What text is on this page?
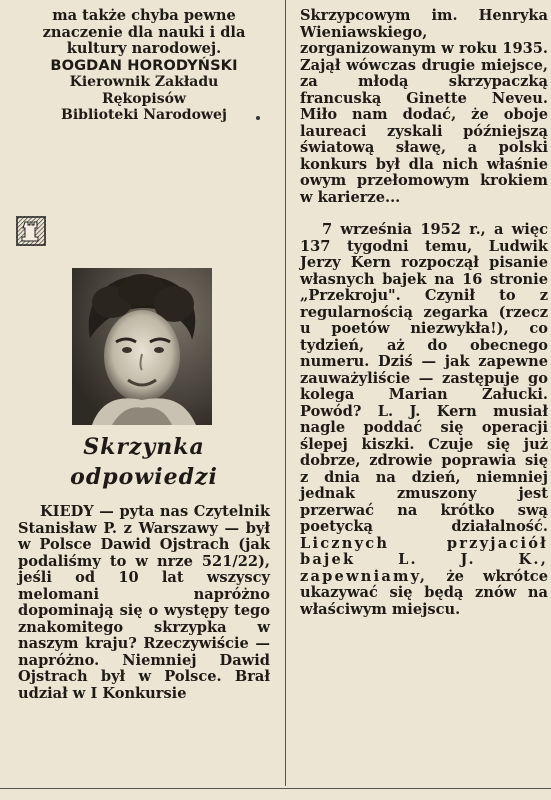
ma także chyba pewne znaczenie dla nauki i dla kultury narodowej.

BOGDAN HORODYŃSKI

Kierownik Zakładu

Rękopisów

Biblioteki Narodowej

Skrzynka
odpowiedzi

KIEDY — pyta nas Czytelnik Stanisław P. z Warszawy — był w Polsce Dawid Ojstrach (jak podaliśmy to w nrze 521/22), jeśli od 10 lat wszyscy melomani napróżno dopominają się o występy tego znakomitego skrzypka w naszym kraju? Rzeczywiście — napróżno. Niemniej Dawid Ojstrach był w Polsce. Brał udział w I Konkursie

Skrzypcowym im. Henryka Wieniawskiego, zorganizowanym w roku 1935. Zajął wówczas drugie miejsce, za młodą skrzypaczką francuską Ginette Neveu. Miło nam dodać, że oboje laureaci zyskali późniejszą światową sławę, a polski konkurs był dla nich właśnie owym przełomowym krokiem w karierze...

7 września 1952 r., a więc 137 tygodni temu, Ludwik Jerzy Kern rozpoczął pisanie własnych bajek na 16 stronie „Przekroju". Czynił to z regularnością zegarka (rzecz u poetów niezwykła!), co tydzień, aż do obecnego numeru. Dziś — jak zapewne zauważyliście — zastępuje go kolega Marian Załucki. Powód? L. J. Kern musiał nagle poddać się operacji ślepej kiszki. Czuje się już dobrze, zdrowie poprawia się z dnia na dzień, niemniej jednak zmuszony jest przerwać na krótko swą poetycką działalność. Licznych przyjaciół bajek L. J. K., zapewniamy, że wkrótce ukazywać się będą znów na właściwym miejscu.
